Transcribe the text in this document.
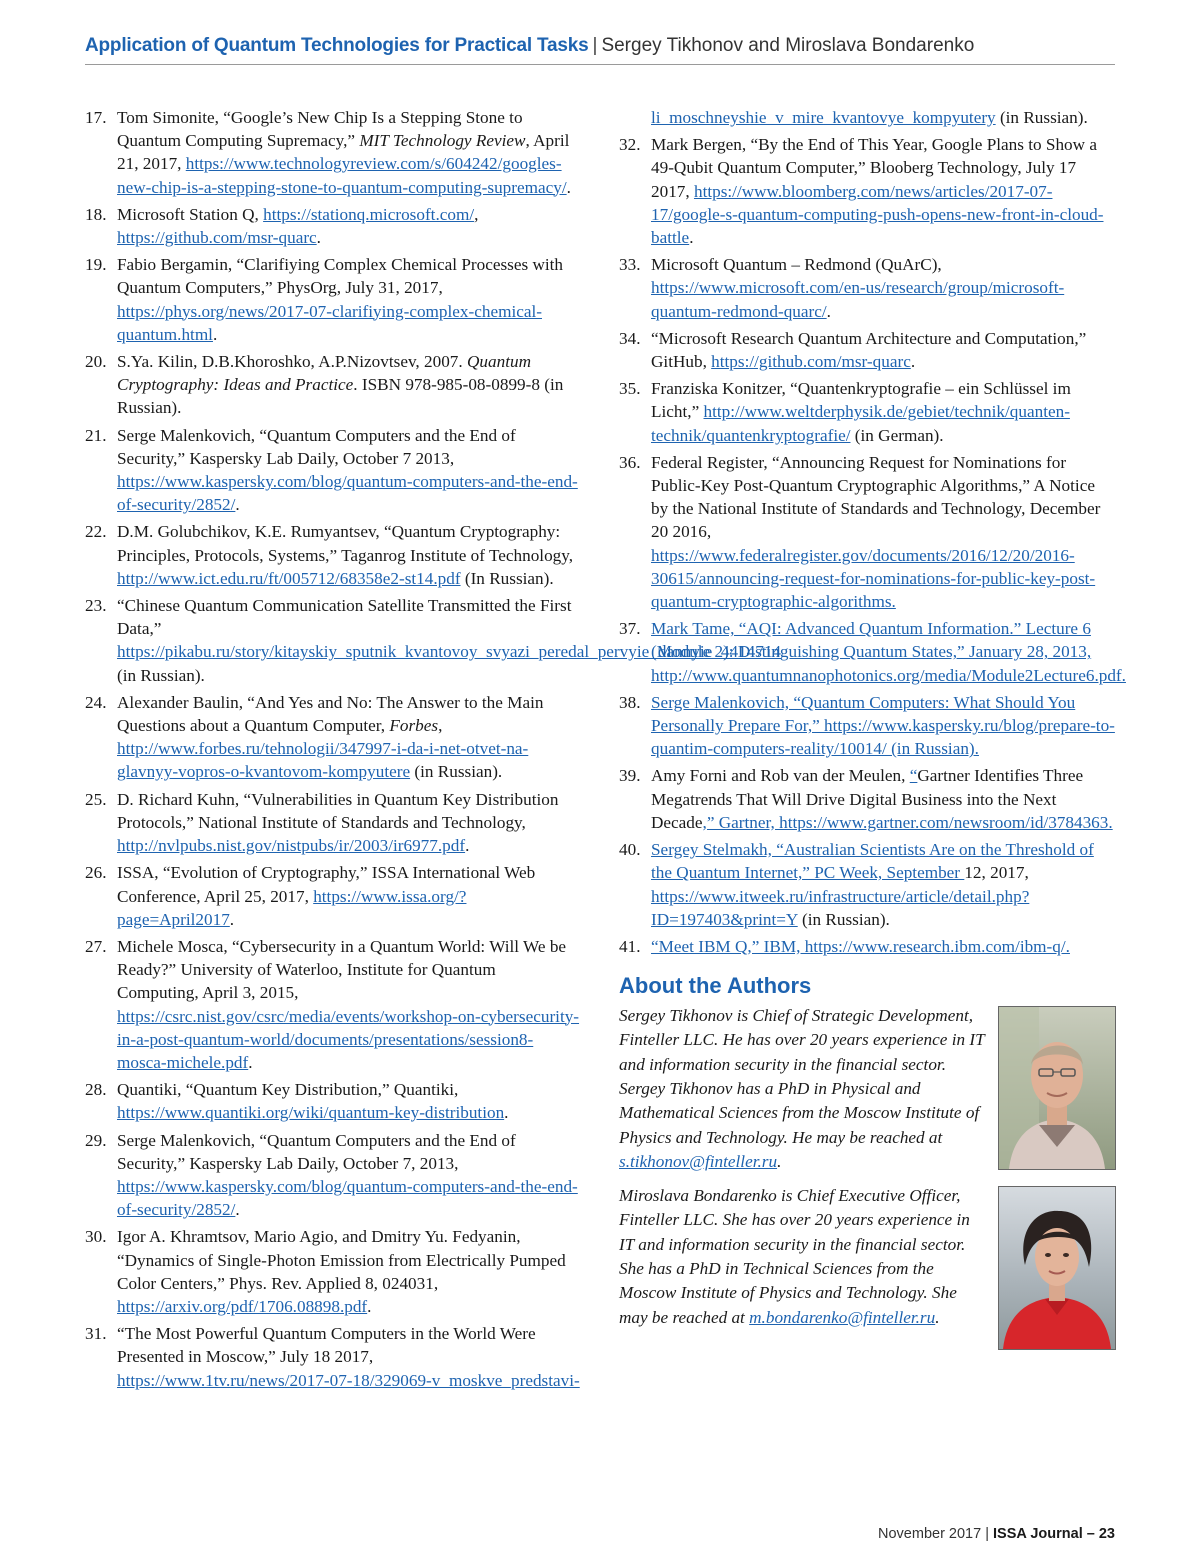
Application of Quantum Technologies for Practical Tasks | Sergey Tikhonov and Miroslava Bondarenko
17. Tom Simonite, “Google’s New Chip Is a Stepping Stone to Quantum Computing Supremacy,” MIT Technology Review, April 21, 2017, https://www.technologyreview.com/s/604242/googles-new-chip-is-a-stepping-stone-to-quantum-computing-supremacy/.
18. Microsoft Station Q, https://stationq.microsoft.com/, https://github.com/msr-quarc.
19. Fabio Bergamin, “Clarifiying Complex Chemical Processes with Quantum Computers,” PhysOrg, July 31, 2017, https://phys.org/news/2017-07-clarifiying-complex-chemical-quantum.html.
20. S.Ya. Kilin, D.B.Khoroshko, A.P.Nizovtsev, 2007. Quantum Cryptography: Ideas and Practice. ISBN 978-985-08-0899-8 (in Russian).
21. Serge Malenkovich, “Quantum Computers and the End of Security,” Kaspersky Lab Daily, October 7 2013, https://www.kaspersky.com/blog/quantum-computers-and-the-end-of-security/2852/.
22. D.M. Golubchikov, K.E. Rumyantsev, “Quantum Cryptography: Principles, Protocols, Systems,” Taganrog Institute of Technology, http://www.ict.edu.ru/ft/005712/68358e2-st14.pdf (In Russian).
23. “Chinese Quantum Communication Satellite Transmitted the First Data,” https://pikabu.ru/story/kitayskiy_sputnik_kvantovoy_svyazi_peredal_pervyie_dannyie_4414714 (in Russian).
24. Alexander Baulin, “And Yes and No: The Answer to the Main Questions about a Quantum Computer, Forbes, http://www.forbes.ru/tehnologii/347997-i-da-i-net-otvet-na-glavnyy-vopros-o-kvantovom-kompyutere (in Russian).
25. D. Richard Kuhn, “Vulnerabilities in Quantum Key Distribution Protocols,” National Institute of Standards and Technology, http://nvlpubs.nist.gov/nistpubs/ir/2003/ir6977.pdf.
26. ISSA, “Evolution of Cryptography,” ISSA International Web Conference, April 25, 2017, https://www.issa.org/?page=April2017.
27. Michele Mosca, “Cybersecurity in a Quantum World: Will We be Ready?” University of Waterloo, Institute for Quantum Computing, April 3, 2015, https://csrc.nist.gov/csrc/media/events/workshop-on-cybersecurity-in-a-post-quantum-world/documents/presentations/session8-mosca-michele.pdf.
28. Quantiki, “Quantum Key Distribution,” Quantiki, https://www.quantiki.org/wiki/quantum-key-distribution.
29. Serge Malenkovich, “Quantum Computers and the End of Security,” Kaspersky Lab Daily, October 7, 2013, https://www.kaspersky.com/blog/quantum-computers-and-the-end-of-security/2852/.
30. Igor A. Khramtsov, Mario Agio, and Dmitry Yu. Fedyanin, “Dynamics of Single-Photon Emission from Electrically Pumped Color Centers,” Phys. Rev. Applied 8, 024031, https://arxiv.org/pdf/1706.08898.pdf.
31. “The Most Powerful Quantum Computers in the World Were Presented in Moscow,” July 18 2017, https://www.1tv.ru/news/2017-07-18/329069-v_moskve_predstavi-
li_moschneyshie_v_mire_kvantovye_kompyutery (in Russian).
32. Mark Bergen, “By the End of This Year, Google Plans to Show a 49-Qubit Quantum Computer,” Blooberg Technology, July 17 2017, https://www.bloomberg.com/news/articles/2017-07-17/google-s-quantum-computing-push-opens-new-front-in-cloud-battle.
33. Microsoft Quantum – Redmond (QuArC), https://www.microsoft.com/en-us/research/group/microsoft-quantum-redmond-quarc/.
34. “Microsoft Research Quantum Architecture and Computation,” GitHub, https://github.com/msr-quarc.
35. Franziska Konitzer, “Quantenkryptografie – ein Schlüssel im Licht,” http://www.weltderphysik.de/gebiet/technik/quanten-technik/quantenkryptografie/ (in German).
36. Federal Register, “Announcing Request for Nominations for Public-Key Post-Quantum Cryptographic Algorithms,” A Notice by the National Institute of Standards and Technology, December 20 2016, https://www.federalregister.gov/documents/2016/12/20/2016-30615/announcing-request-for-nominations-for-public-key-post-quantum-cryptographic-algorithms.
37. Mark Tame, “AQI: Advanced Quantum Information.” Lecture 6 (Module 2): Distinguishing Quantum States,” January 28, 2013, http://www.quantumnanophotonics.org/media/Module2Lecture6.pdf.
38. Serge Malenkovich, “Quantum Computers: What Should You Personally Prepare For,” https://www.kaspersky.ru/blog/prepare-to-quantim-computers-reality/10014/ (in Russian).
39. Amy Forni and Rob van der Meulen, “Gartner Identifies Three Megatrends That Will Drive Digital Business into the Next Decade,” Gartner, https://www.gartner.com/newsroom/id/3784363.
40. Sergey Stelmakh, “Australian Scientists Are on the Threshold of the Quantum Internet,” PC Week, September 12, 2017, https://www.itweek.ru/infrastructure/article/detail.php?ID=197403&print=Y (in Russian).
41. “Meet IBM Q,” IBM, https://www.research.ibm.com/ibm-q/.
About the Authors

Sergey Tikhonov is Chief of Strategic Development, Finteller LLC. He has over 20 years experience in IT and information security in the financial sector. Sergey Tikhonov has a PhD in Physical and Mathematical Sciences from the Moscow Institute of Physics and Technology. He may be reached at s.tikhonov@finteller.ru.

Miroslava Bondarenko is Chief Executive Officer, Finteller LLC. She has over 20 years experience in IT and information security in the financial sector. She has a PhD in Technical Sciences from the Moscow Institute of Physics and Technology. She may be reached at m.bondarenko@finteller.ru.

November 2017 | ISSA Journal – 23
